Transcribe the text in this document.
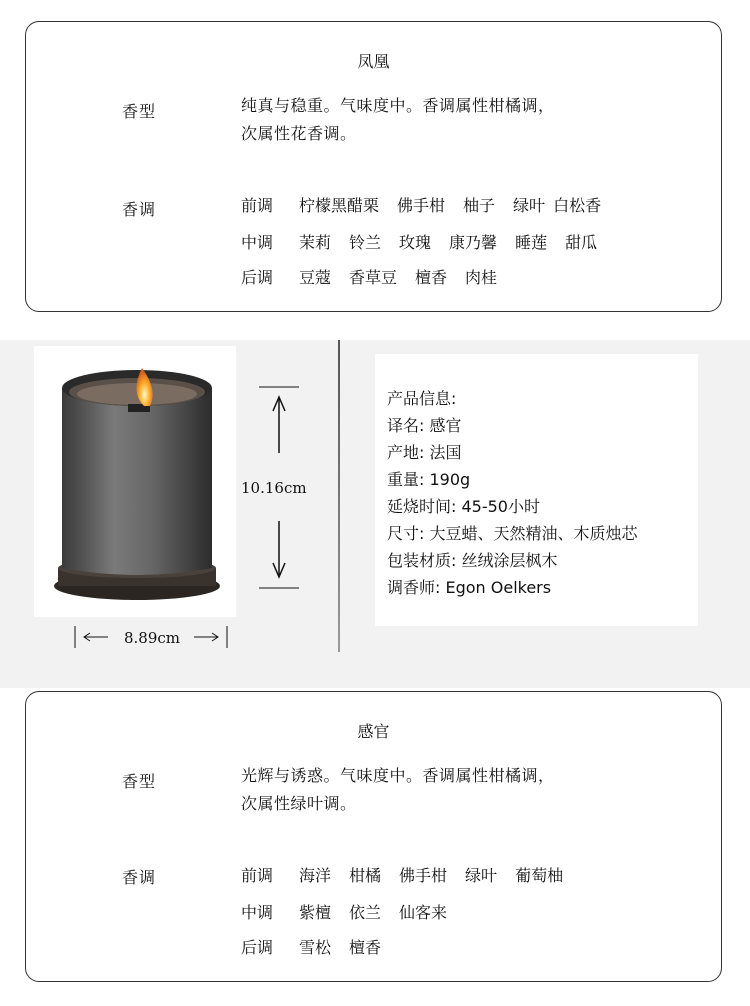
凤凰
香型	纯真与稳重。气味度中。香调属性柑橘调，
次属性花香调。
香调	前调	柠檬黑醋栗 佛手柑 柚子 绿叶 白松香
中调	茉莉 铃兰 玫瑰 康乃馨 睡莲 甜瓜
后调	豆蔻 香草豆 檀香 肉桂
10.16cm
8.89cm
产品信息:
译名: 感官
产地: 法国
重量: 190g
延烧时间: 45-50小时
尺寸: 大豆蜡、天然精油、木质烛芯
包装材质: 丝绒涂层枫木
调香师: Egon Oelkers
感官
香型	光辉与诱惑。气味度中。香调属性柑橘调，
次属性绿叶调。
香调	前调	海洋 柑橘 佛手柑 绿叶 葡萄柚
中调	紫檀 依兰 仙客来
后调	雪松 檀香
